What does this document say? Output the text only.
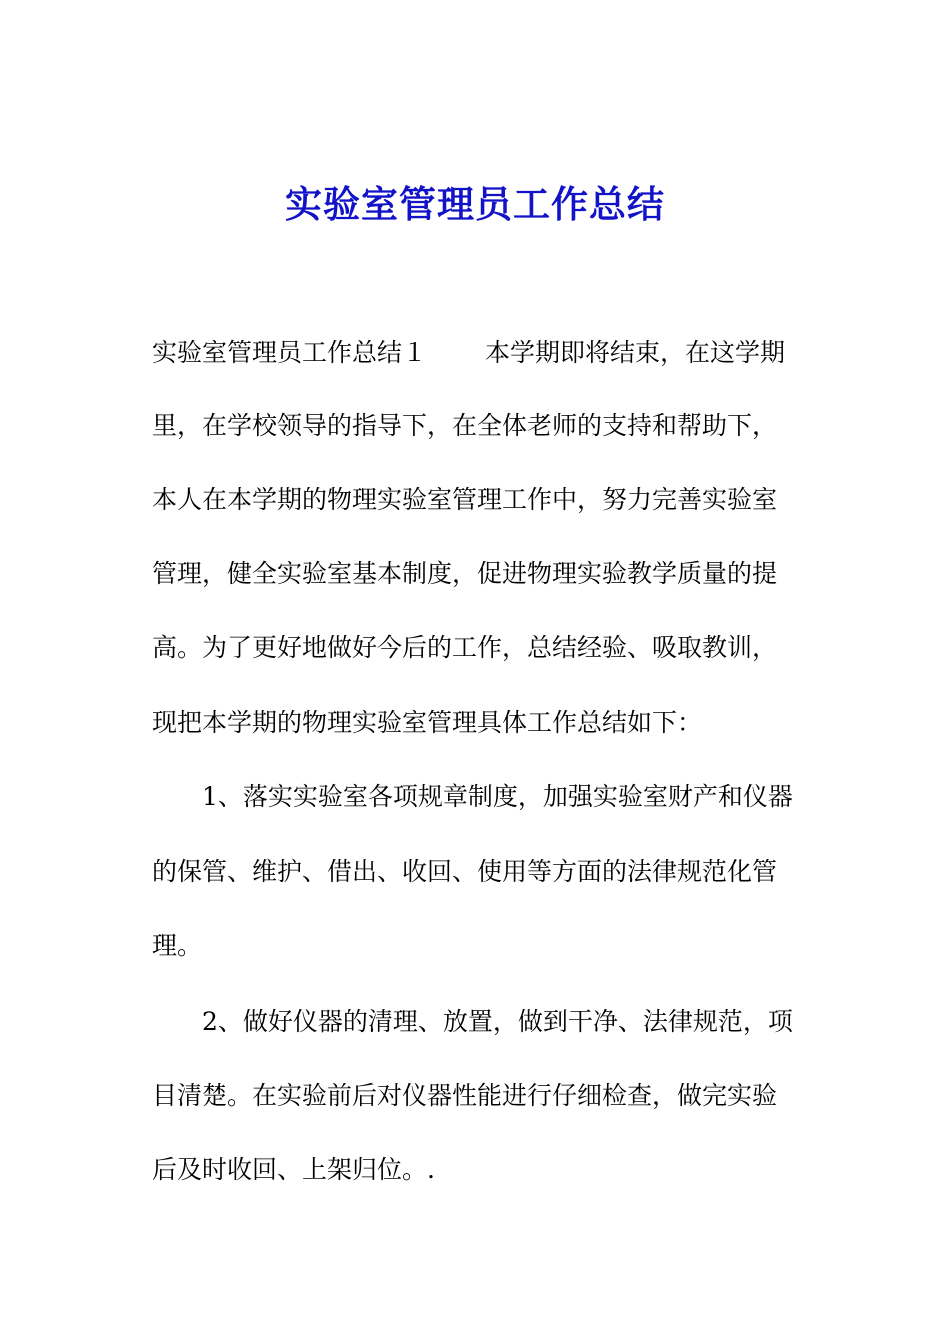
实验室管理员工作总结
实验室管理员工作总结１ 本学期即将结束，在这学期
里，在学校领导的指导下，在全体老师的支持和帮助下，
本人在本学期的物理实验室管理工作中，努力完善实验室
管理，健全实验室基本制度，促进物理实验教学质量的提
高。为了更好地做好今后的工作，总结经验、吸取教训，
现把本学期的物理实验室管理具体工作总结如下：
1、落实实验室各项规章制度，加强实验室财产和仪器
的保管、维护、借出、收回、使用等方面的法律规范化管
理。
2、做好仪器的清理、放置，做到干净、法律规范，项
目清楚。在实验前后对仪器性能进行仔细检查，做完实验
后及时收回、上架归位。.
